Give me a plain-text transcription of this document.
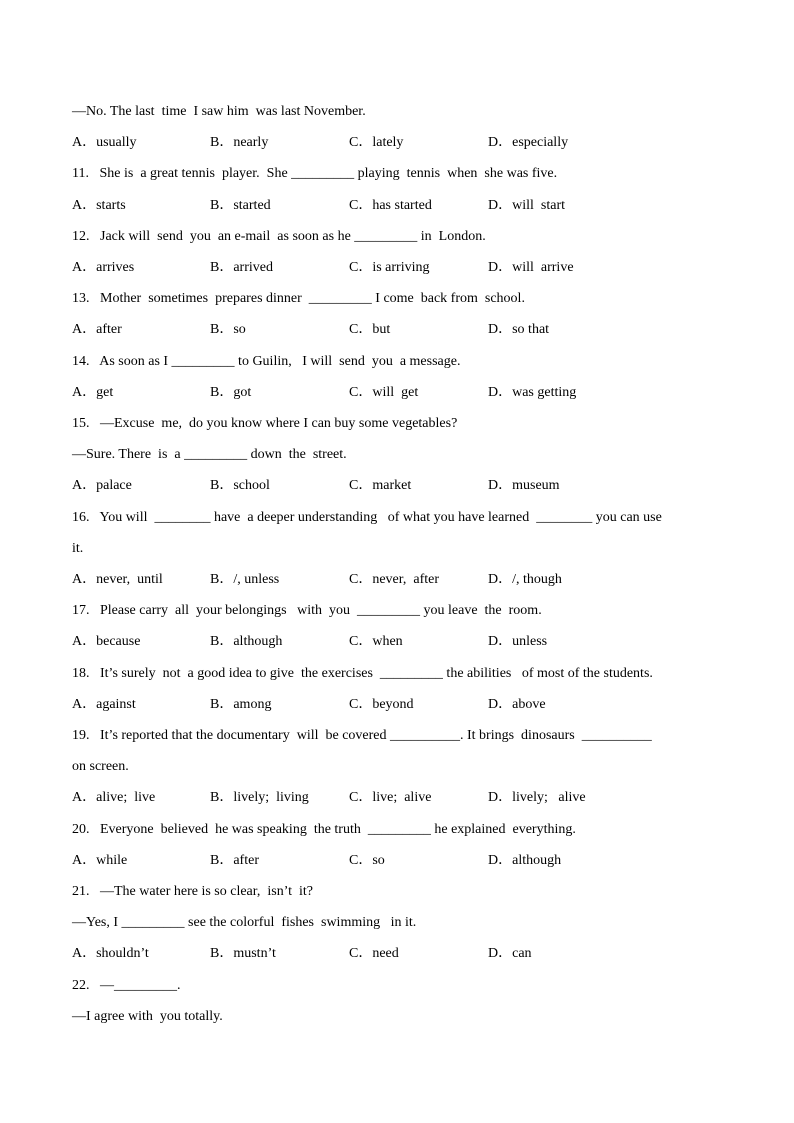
—No. The last  time  I saw him  was last November.
A．usually	B．nearly	C．lately	D．especially
11.   She is  a great tennis  player.  She _________ playing  tennis  when  she was five.
A．starts	B．started	C．has started	D．will  start
12.   Jack will  send  you  an e-mail  as soon as he _________ in  London.
A．arrives	B．arrived	C．is arriving	D．will  arrive
13.   Mother  sometimes  prepares dinner  _________ I come  back from  school.
A．after	B．so	C．but	D．so that
14.   As soon as I _________ to Guilin,   I will  send  you  a message.
A．get	B．got	C．will  get	D．was getting
15.   —Excuse  me,  do you know where I can buy some vegetables?
—Sure. There  is  a _________ down  the  street.
A．palace	B．school	C．market	D．museum
16.   You will  ________ have  a deeper understanding   of what you have learned  ________ you can use
it.
A．never,  until	B．/, unless	C．never,  after	D．/, though
17.   Please carry  all  your belongings   with  you  _________ you leave  the  room.
A．because	B．although	C．when	D．unless
18.   It’s surely  not  a good idea to give  the exercises  _________ the abilities   of most of the students.
A．against	B．among	C．beyond	D．above
19.   It’s reported that the documentary  will  be covered __________. It brings  dinosaurs  __________
on screen.
A．alive;  live	B．lively;  living	C．live;  alive	D．lively;   alive
20.   Everyone  believed  he was speaking  the truth  _________ he explained  everything.
A．while	B．after	C．so	D．although
21.   —The water here is so clear,  isn’t  it?
—Yes, I _________ see the colorful  fishes  swimming   in it.
A．shouldn’t	B．mustn’t	C．need	D．can
22.   —_________.
—I agree with  you totally.
